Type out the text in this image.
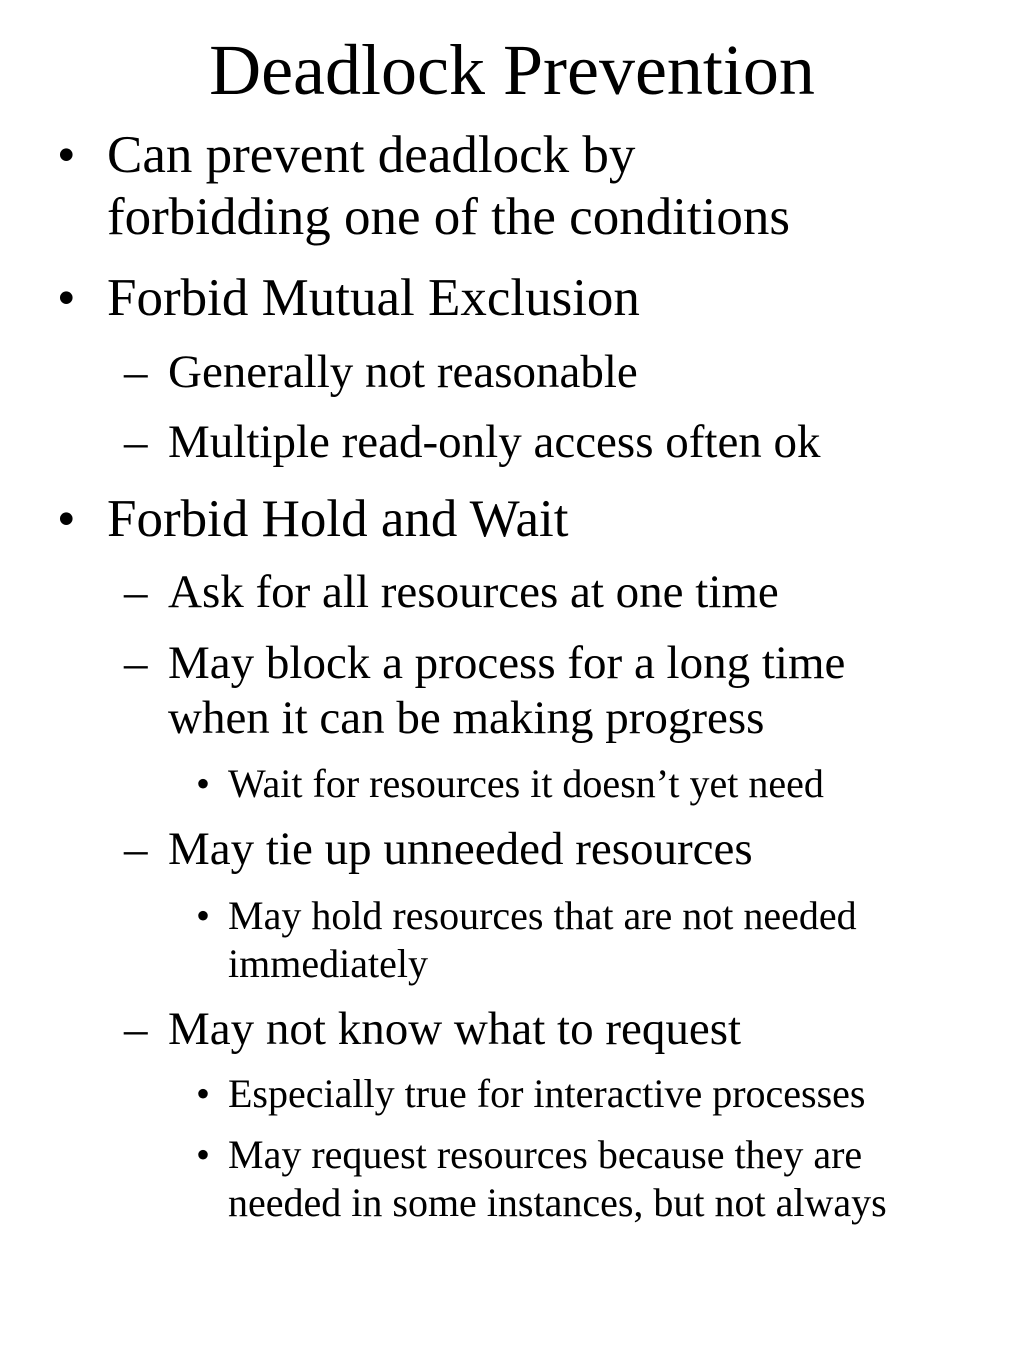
Deadlock Prevention
• Can prevent deadlock by
forbidding one of the conditions
• Forbid Mutual Exclusion
– Generally not reasonable
– Multiple read-only access often ok
• Forbid Hold and Wait
– Ask for all resources at one time
– May block a process for a long time
when it can be making progress
• Wait for resources it doesn’t yet need
– May tie up unneeded resources
• May hold resources that are not needed
immediately
– May not know what to request
• Especially true for interactive processes
• May request resources because they are
needed in some instances, but not always
